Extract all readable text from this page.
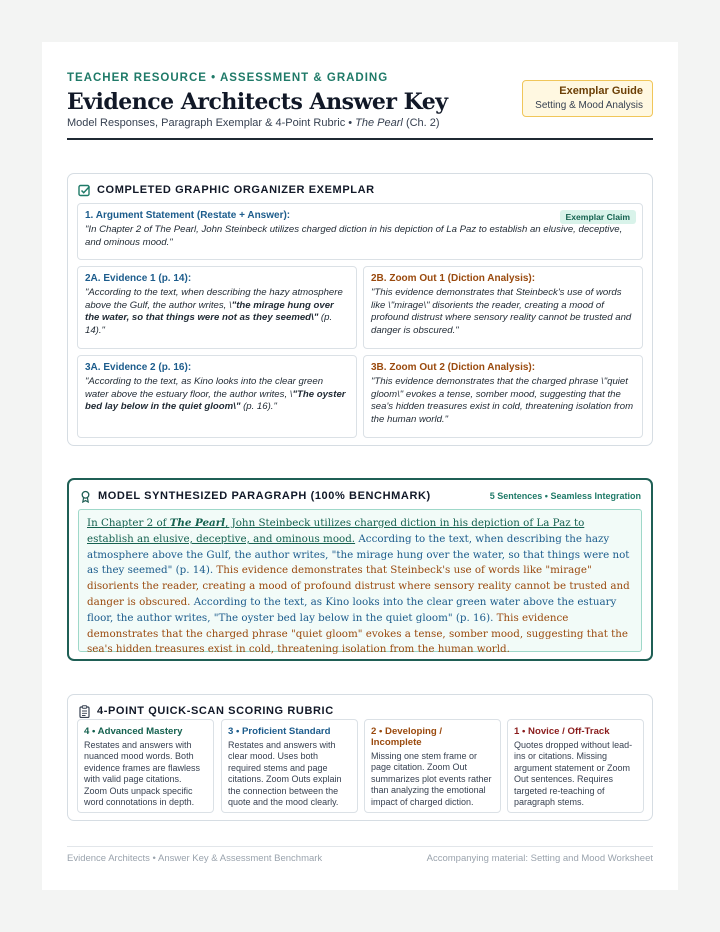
TEACHER RESOURCE • ASSESSMENT & GRADING
Evidence Architects Answer Key
Model Responses, Paragraph Exemplar & 4-Point Rubric • The Pearl (Ch. 2)
Exemplar Guide
Setting & Mood Analysis
COMPLETED GRAPHIC ORGANIZER EXEMPLAR
1. Argument Statement (Restate + Answer):	Exemplar Claim
"In Chapter 2 of The Pearl, John Steinbeck utilizes charged diction in his depiction of La Paz to establish an elusive, deceptive, and ominous mood."
2A. Evidence 1 (p. 14):
"According to the text, when describing the hazy atmosphere above the Gulf, the author writes, \"the mirage hung over the water, so that things were not as they seemed\" (p. 14)."
2B. Zoom Out 1 (Diction Analysis):
"This evidence demonstrates that Steinbeck's use of words like \"mirage\" disorients the reader, creating a mood of profound distrust where sensory reality cannot be trusted and danger is obscured."
3A. Evidence 2 (p. 16):
"According to the text, as Kino looks into the clear green water above the estuary floor, the author writes, \"The oyster bed lay below in the quiet gloom\" (p. 16)."
3B. Zoom Out 2 (Diction Analysis):
"This evidence demonstrates that the charged phrase \"quiet gloom\" evokes a tense, somber mood, suggesting that the sea's hidden treasures exist in cold, threatening isolation from the human world."
MODEL SYNTHESIZED PARAGRAPH (100% BENCHMARK)	5 Sentences • Seamless Integration
In Chapter 2 of The Pearl, John Steinbeck utilizes charged diction in his depiction of La Paz to establish an elusive, deceptive, and ominous mood. According to the text, when describing the hazy atmosphere above the Gulf, the author writes, "the mirage hung over the water, so that things were not as they seemed" (p. 14). This evidence demonstrates that Steinbeck's use of words like "mirage" disorients the reader, creating a mood of profound distrust where sensory reality cannot be trusted and danger is obscured. According to the text, as Kino looks into the clear green water above the estuary floor, the author writes, "The oyster bed lay below in the quiet gloom" (p. 16). This evidence demonstrates that the charged phrase "quiet gloom" evokes a tense, somber mood, suggesting that the sea's hidden treasures exist in cold, threatening isolation from the human world.
4-POINT QUICK-SCAN SCORING RUBRIC
4 • Advanced Mastery
Restates and answers with nuanced mood words. Both evidence frames are flawless with valid page citations. Zoom Outs unpack specific word connotations in depth.
3 • Proficient Standard
Restates and answers with clear mood. Uses both required stems and page citations. Zoom Outs explain the connection between the quote and the mood clearly.
2 • Developing / Incomplete
Missing one stem frame or page citation. Zoom Out summarizes plot events rather than analyzing the emotional impact of charged diction.
1 • Novice / Off-Track
Quotes dropped without lead-ins or citations. Missing argument statement or Zoom Out sentences. Requires targeted re-teaching of paragraph stems.
Evidence Architects • Answer Key & Assessment Benchmark	Accompanying material: Setting and Mood Worksheet
